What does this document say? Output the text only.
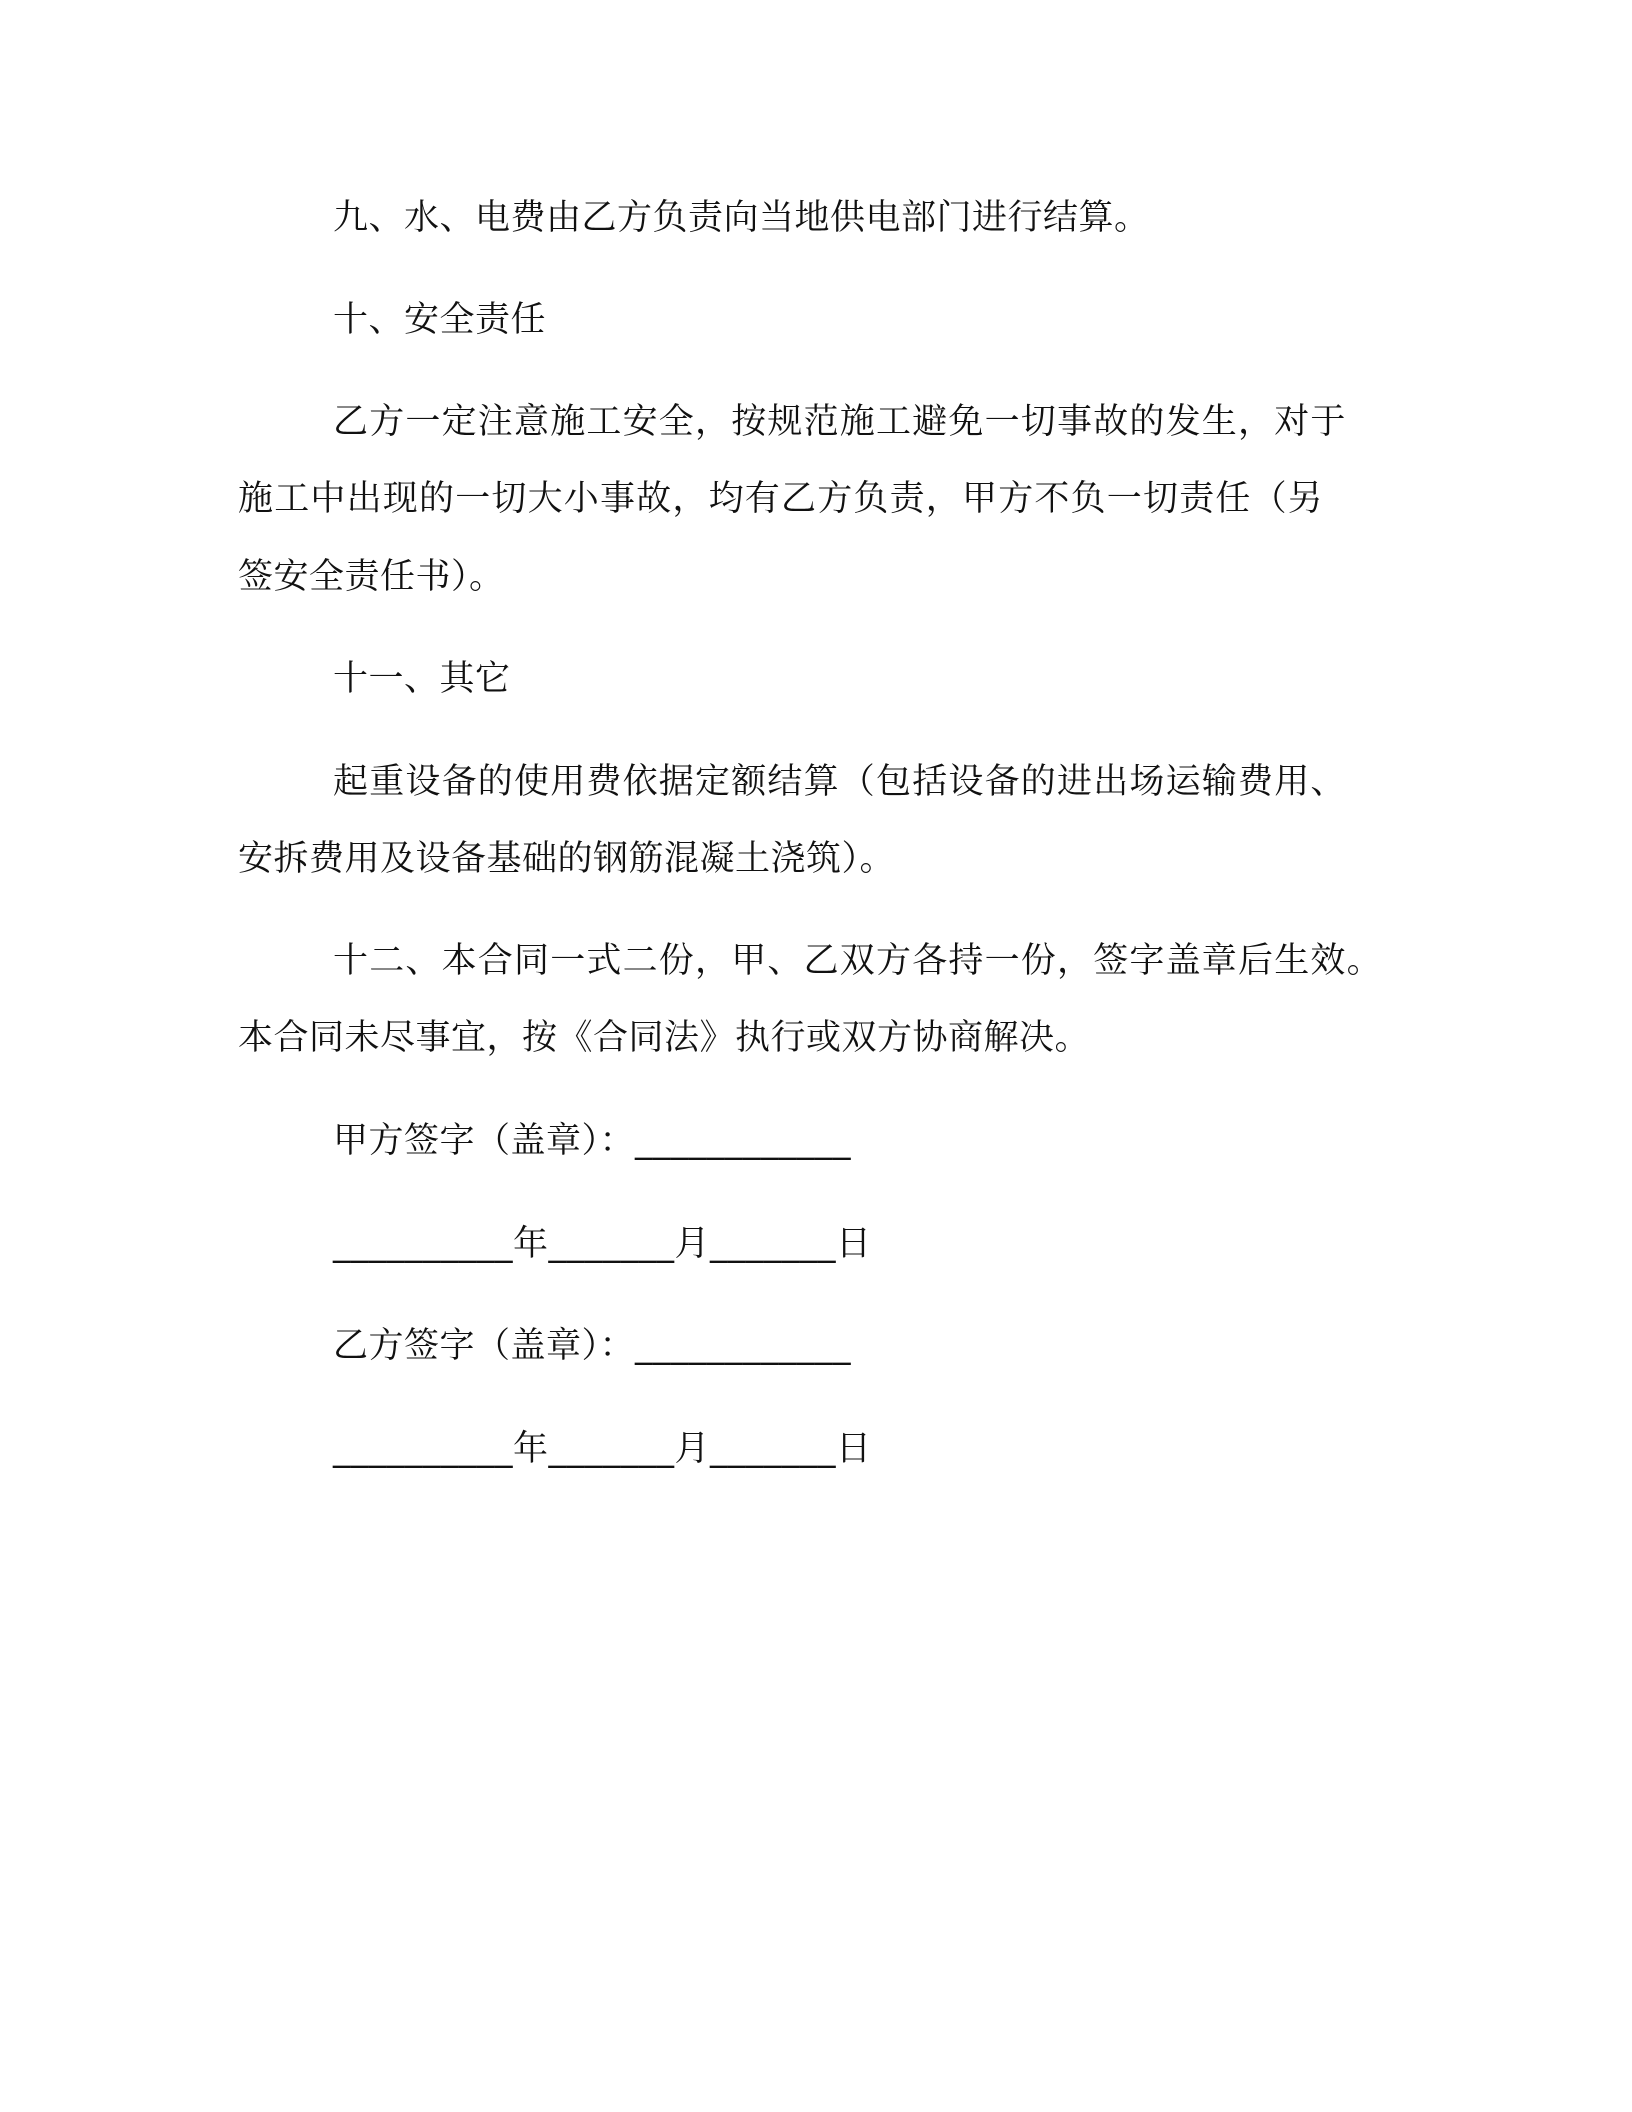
九、水、电费由乙方负责向当地供电部门进行结算。
十、安全责任
乙方一定注意施工安全，按规范施工避免一切事故的发生，对于
施工中出现的一切大小事故，均有乙方负责，甲方不负一切责任（另
签安全责任书）。
十一、其它
起重设备的使用费依据定额结算（包括设备的进出场运输费用、
安拆费用及设备基础的钢筋混凝土浇筑）。
十二、本合同一式二份，甲、乙双方各持一份，签字盖章后生效。
本合同未尽事宜，按《合同法》执行或双方协商解决。
甲方签字（盖章）：____________
__________年_______月_______日
乙方签字（盖章）：____________
__________年_______月_______日
